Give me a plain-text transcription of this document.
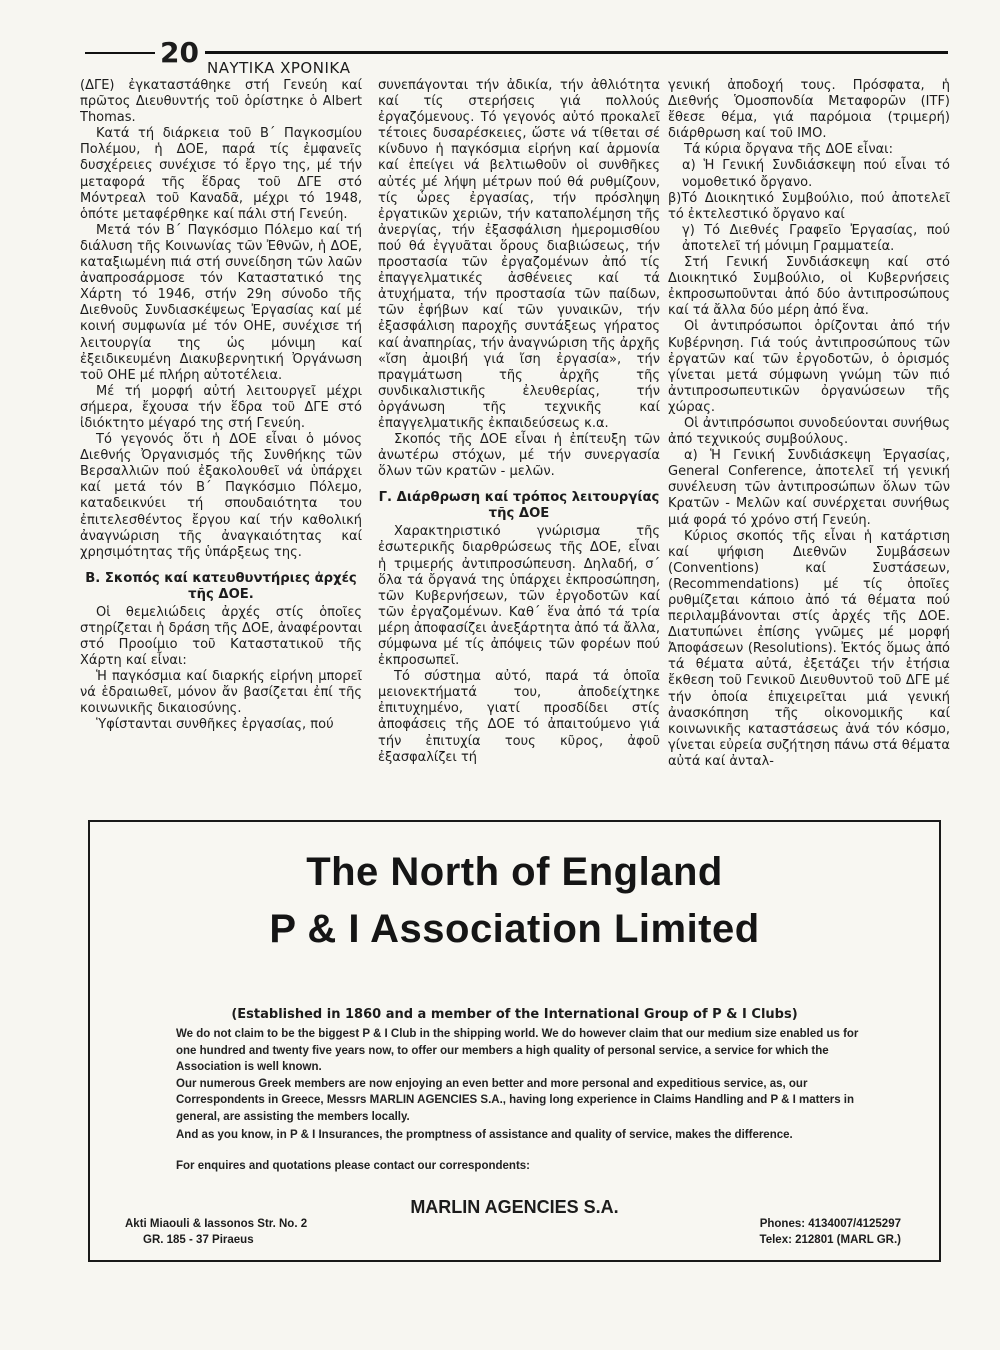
20 ΝΑΥΤΙΚΑ ΧΡΟΝΙΚΑ

(ΔΓΕ) ἐγκαταστάθηκε στή Γενεύη καί πρῶτος Διευθυντής τοῦ ὁρίστηκε ὁ Albert Thomas.

Κατά τή διάρκεια τοῦ Β΄ Παγκοσμίου Πολέμου, ἡ ΔΟΕ, παρά τίς ἐμφανεῖς δυσχέρειες συνέχισε τό ἔργο της, μέ τήν μεταφορά τῆς ἕδρας τοῦ ΔΓΕ στό Μόντρεαλ τοῦ Καναδᾶ, μέχρι τό 1948, ὁπότε μεταφέρθηκε καί πάλι στή Γενεύη.

Μετά τόν Β΄ Παγκόσμιο Πόλεμο καί τή διάλυση τῆς Κοινωνίας τῶν Ἐθνῶν, ἡ ΔΟΕ, καταξιωμένη πιά στή συνείδηση τῶν λαῶν ἀναπροσάρμοσε τόν Καταστατικό της Χάρτη τό 1946, στήν 29η σύνοδο τῆς Διεθνοῦς Συνδιασκέψεως Ἐργασίας καί μέ κοινή συμφωνία μέ τόν ΟΗΕ, συνέχισε τή λειτουργία της ὡς μόνιμη καί ἐξειδικευμένη Διακυβερνητική Ὀργάνωση τοῦ ΟΗΕ μέ πλήρη αὐτοτέλεια.

Μέ τή μορφή αὐτή λειτουργεῖ μέχρι σήμερα, ἔχουσα τήν ἕδρα τοῦ ΔΓΕ στό ἰδιόκτητο μέγαρό της στή Γενεύη.

Τό γεγονός ὅτι ἡ ΔΟΕ εἶναι ὁ μόνος Διεθνής Ὀργανισμός τῆς Συνθήκης τῶν Βερσαλλιῶν πού ἐξακολουθεῖ νά ὑπάρχει καί μετά τόν Β΄ Παγκόσμιο Πόλεμο, καταδεικνύει τή σπουδαιότητα του ἐπιτελεσθέντος ἔργου καί τήν καθολική ἀναγνώριση τῆς ἀναγκαιότητας καί χρησιμότητας τῆς ὑπάρξεως της.

Β. Σκοπός καί κατευθυντήριες ἀρχές τῆς ΔΟΕ.

Οἱ θεμελιώδεις ἀρχές στίς ὁποῖες στηρίζεται ἡ δράση τῆς ΔΟΕ, ἀναφέρονται στό Προοίμιο τοῦ Καταστατικοῦ τῆς Χάρτη καί εἶναι:

Ἡ παγκόσμια καί διαρκής εἰρήνη μπορεῖ νά ἑδραιωθεῖ, μόνον ἄν βασίζεται ἐπί τῆς κοινωνικῆς δικαιοσύνης.

Ὑφίστανται συνθῆκες ἐργασίας, πού

συνεπάγονται τήν ἀδικία, τήν ἀθλιότητα καί τίς στερήσεις γιά πολλούς ἐργαζόμενους. Τό γεγονός αὐτό προκαλεῖ τέτοιες δυσαρέσκειες, ὥστε νά τίθεται σέ κίνδυνο ἡ παγκόσμια εἰρήνη καί ἁρμονία καί ἐπείγει νά βελτιωθοῦν οἱ συνθῆκες αὐτές μέ λήψη μέτρων πού θά ρυθμίζουν, τίς ὧρες ἐργασίας, τήν πρόσληψη ἐργατικῶν χεριῶν, τήν καταπολέμηση τῆς ἀνεργίας, τήν ἐξασφάλιση ἡμερομισθίου πού θά ἐγγυᾶται ὅρους διαβιώσεως, τήν προστασία τῶν ἐργαζομένων ἀπό τίς ἐπαγγελματικές ἀσθένειες καί τά ἀτυχήματα, τήν προστασία τῶν παίδων, τῶν ἐφήβων καί τῶν γυναικῶν, τήν ἐξασφάλιση παροχῆς συντάξεως γήρατος καί ἀναπηρίας, τήν ἀναγνώριση τῆς ἀρχῆς «ἴση ἀμοιβή γιά ἴση ἐργασία», τήν πραγμάτωση τῆς ἀρχῆς τῆς συνδικαλιστικῆς ἐλευθερίας, τήν ὀργάνωση τῆς τεχνικῆς καί ἐπαγγελματικῆς ἐκπαιδεύσεως κ.α.

Σκοπός τῆς ΔΟΕ εἶναι ἡ ἐπίτευξη τῶν ἀνωτέρω στόχων, μέ τήν συνεργασία ὅλων τῶν κρατῶν - μελῶν.

Γ. Διάρθρωση καί τρόπος λειτουργίας τῆς ΔΟΕ

Χαρακτηριστικό γνώρισμα τῆς ἐσωτερικῆς διαρθρώσεως τῆς ΔΟΕ, εἶναι ἡ τριμερής ἀντιπροσώπευση. Δηλαδή, σ΄ ὅλα τά ὄργανά της ὑπάρχει ἐκπροσώπηση, τῶν Κυβερνήσεων, τῶν ἐργοδοτῶν καί τῶν ἐργαζομένων. Καθ΄ ἕνα ἀπό τά τρία μέρη ἀποφασίζει ἀνεξάρτητα ἀπό τά ἄλλα, σύμφωνα μέ τίς ἀπόψεις τῶν φορέων πού ἐκπροσωπεῖ.

Τό σύστημα αὐτό, παρά τά ὁποῖα μειονεκτήματά του, ἀποδείχτηκε ἐπιτυχημένο, γιατί προσδίδει στίς ἀποφάσεις τῆς ΔΟΕ τό ἀπαιτούμενο γιά τήν ἐπιτυχία τους κῦρος, ἀφοῦ ἐξασφαλίζει τή

γενική ἀποδοχή τους. Πρόσφατα, ἡ Διεθνής Ὁμοσπονδία Μεταφορῶν (ITF) ἔθεσε θέμα, γιά παρόμοια (τριμερή) διάρθρωση καί τοῦ ΙΜΟ.

Τά κύρια ὄργανα τῆς ΔΟΕ εἶναι:

α) Ἡ Γενική Συνδιάσκεψη πού εἶναι τό νομοθετικό ὄργανο.

β)Τό Διοικητικό Συμβούλιο, πού ἀποτελεῖ τό ἐκτελεστικό ὄργανο καί

γ) Τό Διεθνές Γραφεῖο Ἐργασίας, πού ἀποτελεῖ τή μόνιμη Γραμματεία.

Στή Γενική Συνδιάσκεψη καί στό Διοικητικό Συμβούλιο, οἱ Κυβερνήσεις ἐκπροσωποῦνται ἀπό δύο ἀντιπροσώπους καί τά ἄλλα δύο μέρη ἀπό ἕνα.

Οἱ ἀντιπρόσωποι ὁρίζονται ἀπό τήν Κυβέρνηση. Γιά τούς ἀντιπροσώπους τῶν ἐργατῶν καί τῶν ἐργοδοτῶν, ὁ ὁρισμός γίνεται μετά σύμφωνη γνώμη τῶν πιό ἀντιπροσωπευτικῶν ὀργανώσεων τῆς χώρας.

Οἱ ἀντιπρόσωποι συνοδεύονται συνήθως ἀπό τεχνικούς συμβούλους.

α) Ἡ Γενική Συνδιάσκεψη Ἐργασίας, General Conference, ἀποτελεῖ τή γενική συνέλευση τῶν ἀντιπροσώπων ὅλων τῶν Κρατῶν - Μελῶν καί συνέρχεται συνήθως μιά φορά τό χρόνο στή Γενεύη.

Κύριος σκοπός τῆς εἶναι ἡ κατάρτιση καί ψήφιση Διεθνῶν Συμβάσεων (Conventions) καί Συστάσεων, (Recommendations) μέ τίς ὁποῖες ρυθμίζεται κάποιο ἀπό τά θέματα πού περιλαμβάνονται στίς ἀρχές τῆς ΔΟΕ. Διατυπώνει ἐπίσης γνῶμες μέ μορφή Ἀποφάσεων (Resolutions). Ἐκτός ὅμως ἀπό τά θέματα αὐτά, ἐξετάζει τήν ἐτήσια ἔκθεση τοῦ Γενικοῦ Διευθυντοῦ τοῦ ΔΓΕ μέ τήν ὁποία ἐπιχειρεῖται μιά γενική ἀνασκόπηση τῆς οἰκονομικῆς καί κοινωνικῆς καταστάσεως ἀνά τόν κόσμο, γίνεται εὐρεία συζήτηση πάνω στά θέματα αὐτά καί ἀνταλ-

The North of England
P & I Association Limited
(Established in 1860 and a member of the International Group of P & I Clubs)

We do not claim to be the biggest P & I Club in the shipping world. We do however claim that our medium size enabled us for one hundred and twenty five years now, to offer our members a high quality of personal service, a service for which the Association is well known.

Our numerous Greek members are now enjoying an even better and more personal and expeditious service, as, our Correspondents in Greece, Messrs MARLIN AGENCIES S.A., having long experience in Claims Handling and P & I matters in general, are assisting the members locally.

And as you know, in P & I Insurances, the promptness of assistance and quality of service, makes the difference.

For enquires and quotations please contact our correspondents:

MARLIN AGENCIES S.A.
Akti Miaouli & Iassonos Str. No. 2
GR. 185 - 37 Piraeus
Phones: 4134007/4125297
Telex: 212801 (MARL GR.)
